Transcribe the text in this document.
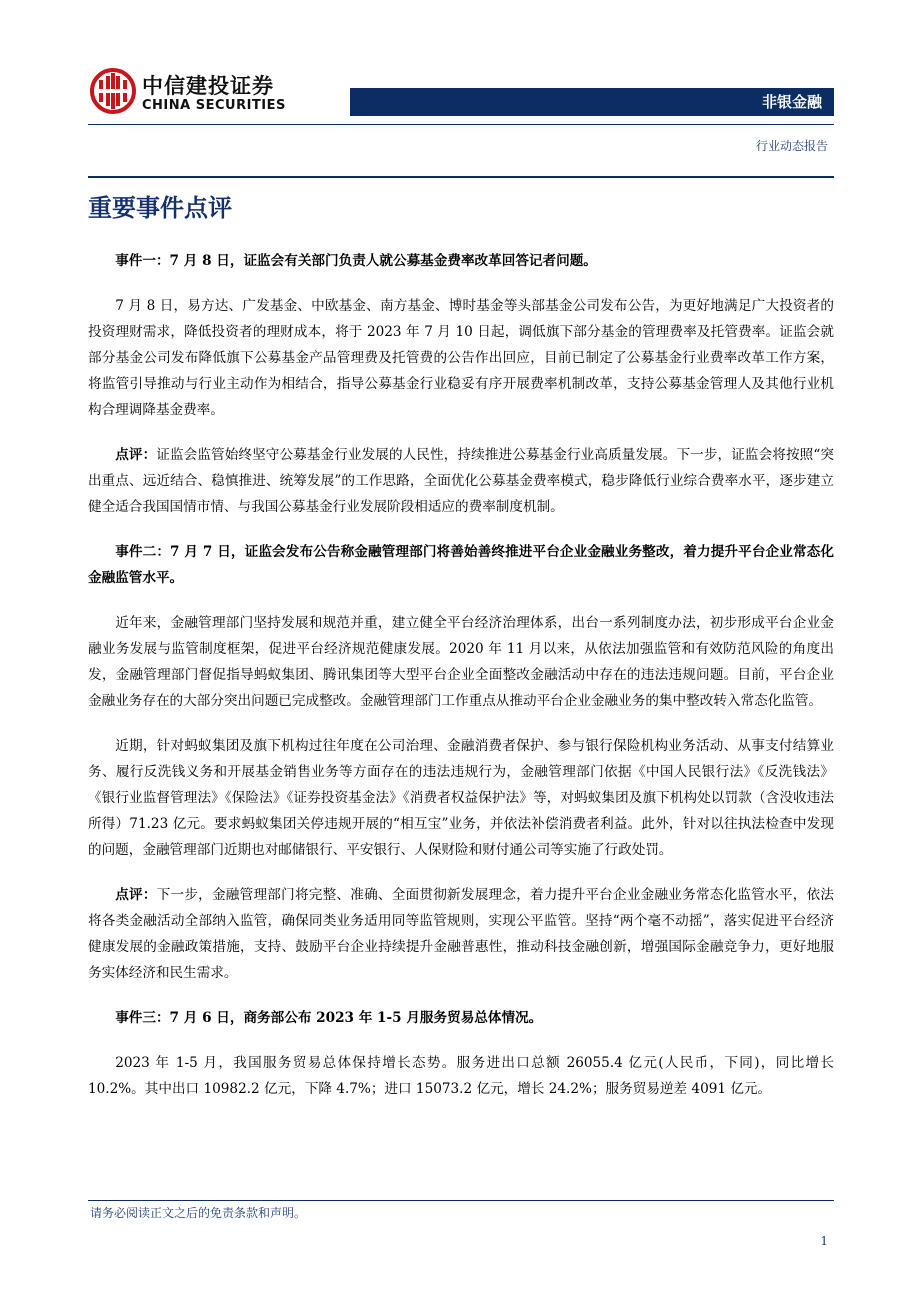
中信建投证券
CHINA SECURITIES	非银金融
行业动态报告
重要事件点评

事件一：7 月 8 日，证监会有关部门负责人就公募基金费率改革回答记者问题。

7 月 8 日，易方达、广发基金、中欧基金、南方基金、博时基金等头部基金公司发布公告，为更好地满足广大投资者的投资理财需求，降低投资者的理财成本，将于 2023 年 7 月 10 日起，调低旗下部分基金的管理费率及托管费率。证监会就部分基金公司发布降低旗下公募基金产品管理费及托管费的公告作出回应，目前已制定了公募基金行业费率改革工作方案，将监管引导推动与行业主动作为相结合，指导公募基金行业稳妥有序开展费率机制改革，支持公募基金管理人及其他行业机构合理调降基金费率。

点评：证监会监管始终坚守公募基金行业发展的人民性，持续推进公募基金行业高质量发展。下一步，证监会将按照“突出重点、远近结合、稳慎推进、统筹发展”的工作思路，全面优化公募基金费率模式，稳步降低行业综合费率水平，逐步建立健全适合我国国情市情、与我国公募基金行业发展阶段相适应的费率制度机制。

事件二：7 月 7 日，证监会发布公告称金融管理部门将善始善终推进平台企业金融业务整改，着力提升平台企业常态化金融监管水平。

近年来，金融管理部门坚持发展和规范并重，建立健全平台经济治理体系，出台一系列制度办法，初步形成平台企业金融业务发展与监管制度框架，促进平台经济规范健康发展。2020 年 11 月以来，从依法加强监管和有效防范风险的角度出发，金融管理部门督促指导蚂蚁集团、腾讯集团等大型平台企业全面整改金融活动中存在的违法违规问题。目前，平台企业金融业务存在的大部分突出问题已完成整改。金融管理部门工作重点从推动平台企业金融业务的集中整改转入常态化监管。

近期，针对蚂蚁集团及旗下机构过往年度在公司治理、金融消费者保护、参与银行保险机构业务活动、从事支付结算业务、履行反洗钱义务和开展基金销售业务等方面存在的违法违规行为，金融管理部门依据《中国人民银行法》《反洗钱法》《银行业监督管理法》《保险法》《证券投资基金法》《消费者权益保护法》等，对蚂蚁集团及旗下机构处以罚款（含没收违法所得）71.23 亿元。要求蚂蚁集团关停违规开展的“相互宝”业务，并依法补偿消费者利益。此外，针对以往执法检查中发现的问题，金融管理部门近期也对邮储银行、平安银行、人保财险和财付通公司等实施了行政处罚。

点评：下一步，金融管理部门将完整、准确、全面贯彻新发展理念，着力提升平台企业金融业务常态化监管水平，依法将各类金融活动全部纳入监管，确保同类业务适用同等监管规则，实现公平监管。坚持“两个毫不动摇”，落实促进平台经济健康发展的金融政策措施，支持、鼓励平台企业持续提升金融普惠性，推动科技金融创新，增强国际金融竞争力，更好地服务实体经济和民生需求。

事件三：7 月 6 日，商务部公布 2023 年 1-5 月服务贸易总体情况。

2023 年 1-5 月，我国服务贸易总体保持增长态势。服务进出口总额 26055.4 亿元(人民币，下同)，同比增长 10.2%。其中出口 10982.2 亿元，下降 4.7%；进口 15073.2 亿元，增长 24.2%；服务贸易逆差 4091 亿元。

请务必阅读正文之后的免责条款和声明。
1
